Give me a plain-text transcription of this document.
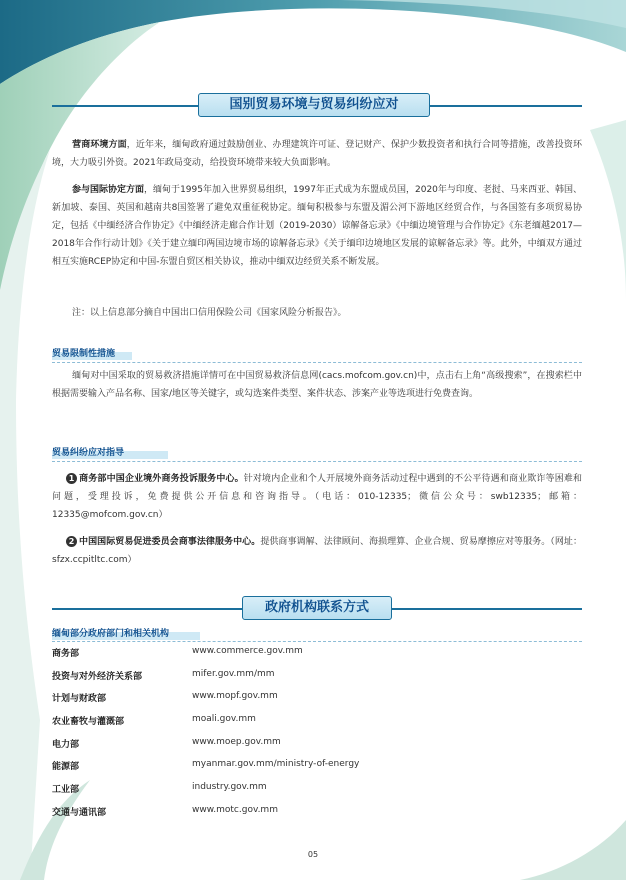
国别贸易环境与贸易纠纷应对
营商环境方面，近年来，缅甸政府通过鼓励创业、办理建筑许可证、登记财产、保护少数投资者和执行合同等措施，改善投资环境，大力吸引外资。2021年政局变动，给投资环境带来较大负面影响。
参与国际协定方面，缅甸于1995年加入世界贸易组织，1997年正式成为东盟成员国，2020年与印度、老挝、马来西亚、韩国、新加坡、泰国、英国和越南共8国签署了避免双重征税协定。缅甸积极参与东盟及湄公河下游地区经贸合作，与各国签有多项贸易协定，包括《中缅经济合作协定》《中缅经济走廊合作计划（2019-2030）谅解备忘录》《中缅边境管理与合作协定》《东老缅越2017—2018年合作行动计划》《关于建立缅印两国边境市场的谅解备忘录》《关于缅印边境地区发展的谅解备忘录》等。此外，中缅双方通过相互实施RCEP协定和中国-东盟自贸区相关协议，推动中缅双边经贸关系不断发展。
注：以上信息部分摘自中国出口信用保险公司《国家风险分析报告》。
贸易限制性措施
缅甸对中国采取的贸易救济措施详情可在中国贸易救济信息网(cacs.mofcom.gov.cn)中，点击右上角“高级搜索”，在搜索栏中根据需要输入产品名称、国家/地区等关键字，或勾选案件类型、案件状态、涉案产业等选项进行免费查询。
贸易纠纷应对指导
1 商务部中国企业境外商务投诉服务中心。针对境内企业和个人开展境外商务活动过程中遇到的不公平待遇和商业欺诈等困难和问题，受理投诉，免费提供公开信息和咨询指导。（电话：010-12335；微信公众号：swb12335；邮箱：12335@mofcom.gov.cn）
2 中国国际贸易促进委员会商事法律服务中心。提供商事调解、法律顾问、海损理算、企业合规、贸易摩擦应对等服务。（网址：sfzx.ccpitltc.com）
政府机构联系方式
缅甸部分政府部门和相关机构
商务部	www.commerce.gov.mm
投资与对外经济关系部	mifer.gov.mm/mm
计划与财政部	www.mopf.gov.mm
农业畜牧与灌溉部	moali.gov.mm
电力部	www.moep.gov.mm
能源部	myanmar.gov.mm/ministry-of-energy
工业部	industry.gov.mm
交通与通讯部	www.motc.gov.mm
05
